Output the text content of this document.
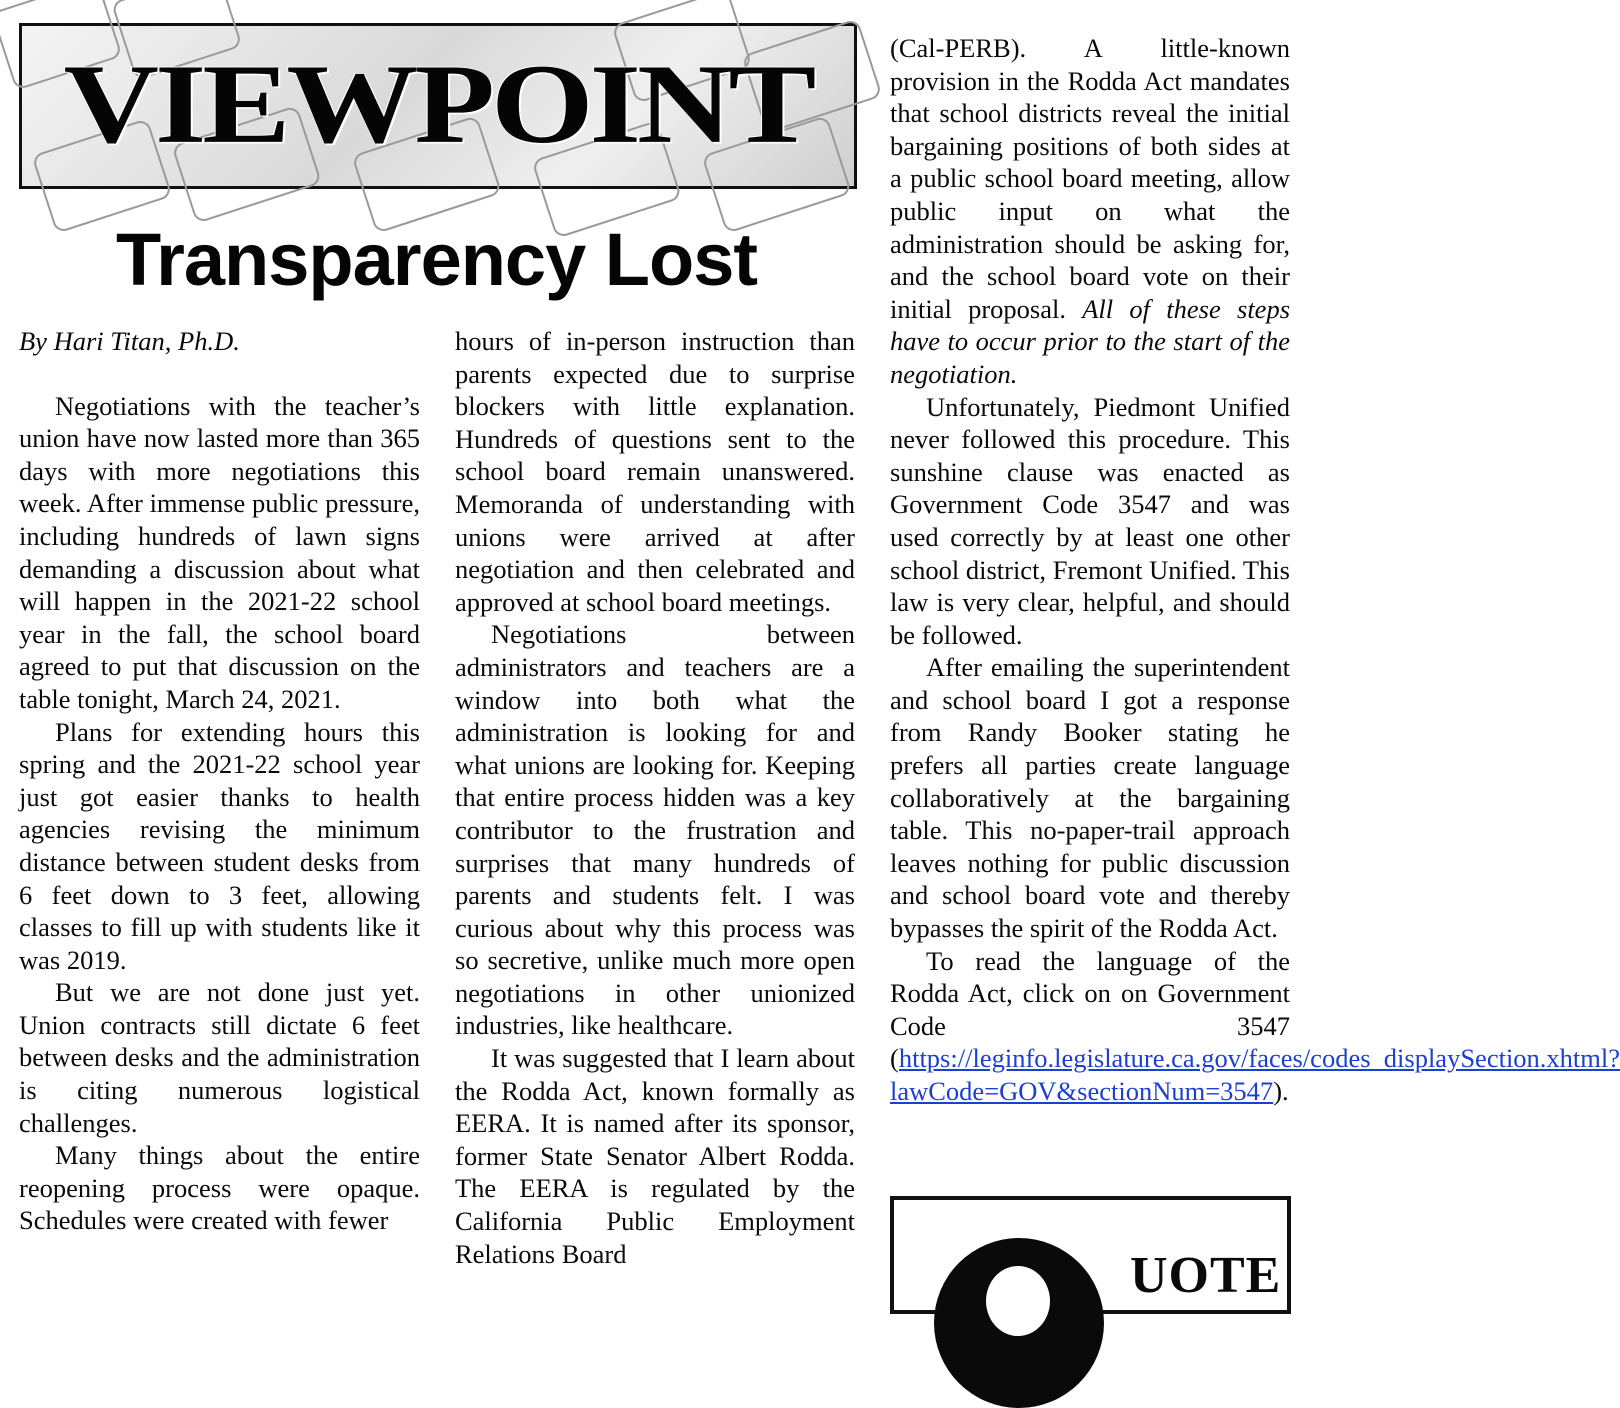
VIEWPOINT
Transparency Lost

By Hari Titan, Ph.D.

Negotiations with the teacher’s union have now lasted more than 365 days with more negotiations this week. After immense public pressure, including hundreds of lawn signs demanding a discussion about what will happen in the 2021-22 school year in the fall, the school board agreed to put that discussion on the table tonight, March 24, 2021.

Plans for extending hours this spring and the 2021-22 school year just got easier thanks to health agencies revising the minimum distance between student desks from 6 feet down to 3 feet, allowing classes to fill up with students like it was 2019.

But we are not done just yet. Union contracts still dictate 6 feet between desks and the administration is citing numerous logistical challenges.

Many things about the entire reopening process were opaque. Schedules were created with fewer

hours of in-person instruction than parents expected due to surprise blockers with little explanation. Hundreds of questions sent to the school board remain unanswered. Memoranda of understanding with unions were arrived at after negotiation and then celebrated and approved at school board meetings.

Negotiations between administrators and teachers are a window into both what the administration is looking for and what unions are looking for. Keeping that entire process hidden was a key contributor to the frustration and surprises that many hundreds of parents and students felt. I was curious about why this process was so secretive, unlike much more open negotiations in other unionized industries, like healthcare.

It was suggested that I learn about the Rodda Act, known formally as EERA. It is named after its sponsor, former State Senator Albert Rodda. The EERA is regulated by the California Public Employment Relations Board

(Cal-PERB). A little-known provision in the Rodda Act mandates that school districts reveal the initial bargaining positions of both sides at a public school board meeting, allow public input on what the administration should be asking for, and the school board vote on their initial proposal. All of these steps have to occur prior to the start of the negotiation.

Unfortunately, Piedmont Unified never followed this procedure. This sunshine clause was enacted as Government Code 3547 and was used correctly by at least one other school district, Fremont Unified. This law is very clear, helpful, and should be followed.

After emailing the superintendent and school board I got a response from Randy Booker stating he prefers all parties create language collaboratively at the bargaining table. This no-paper-trail approach leaves nothing for public discussion and school board vote and thereby bypasses the spirit of the Rodda Act.

To read the language of the Rodda Act, click on on Government Code 3547 (https://leginfo.legislature.ca.gov/faces/codes_displaySection.xhtml?lawCode=GOV&sectionNum=3547).

UOTE
